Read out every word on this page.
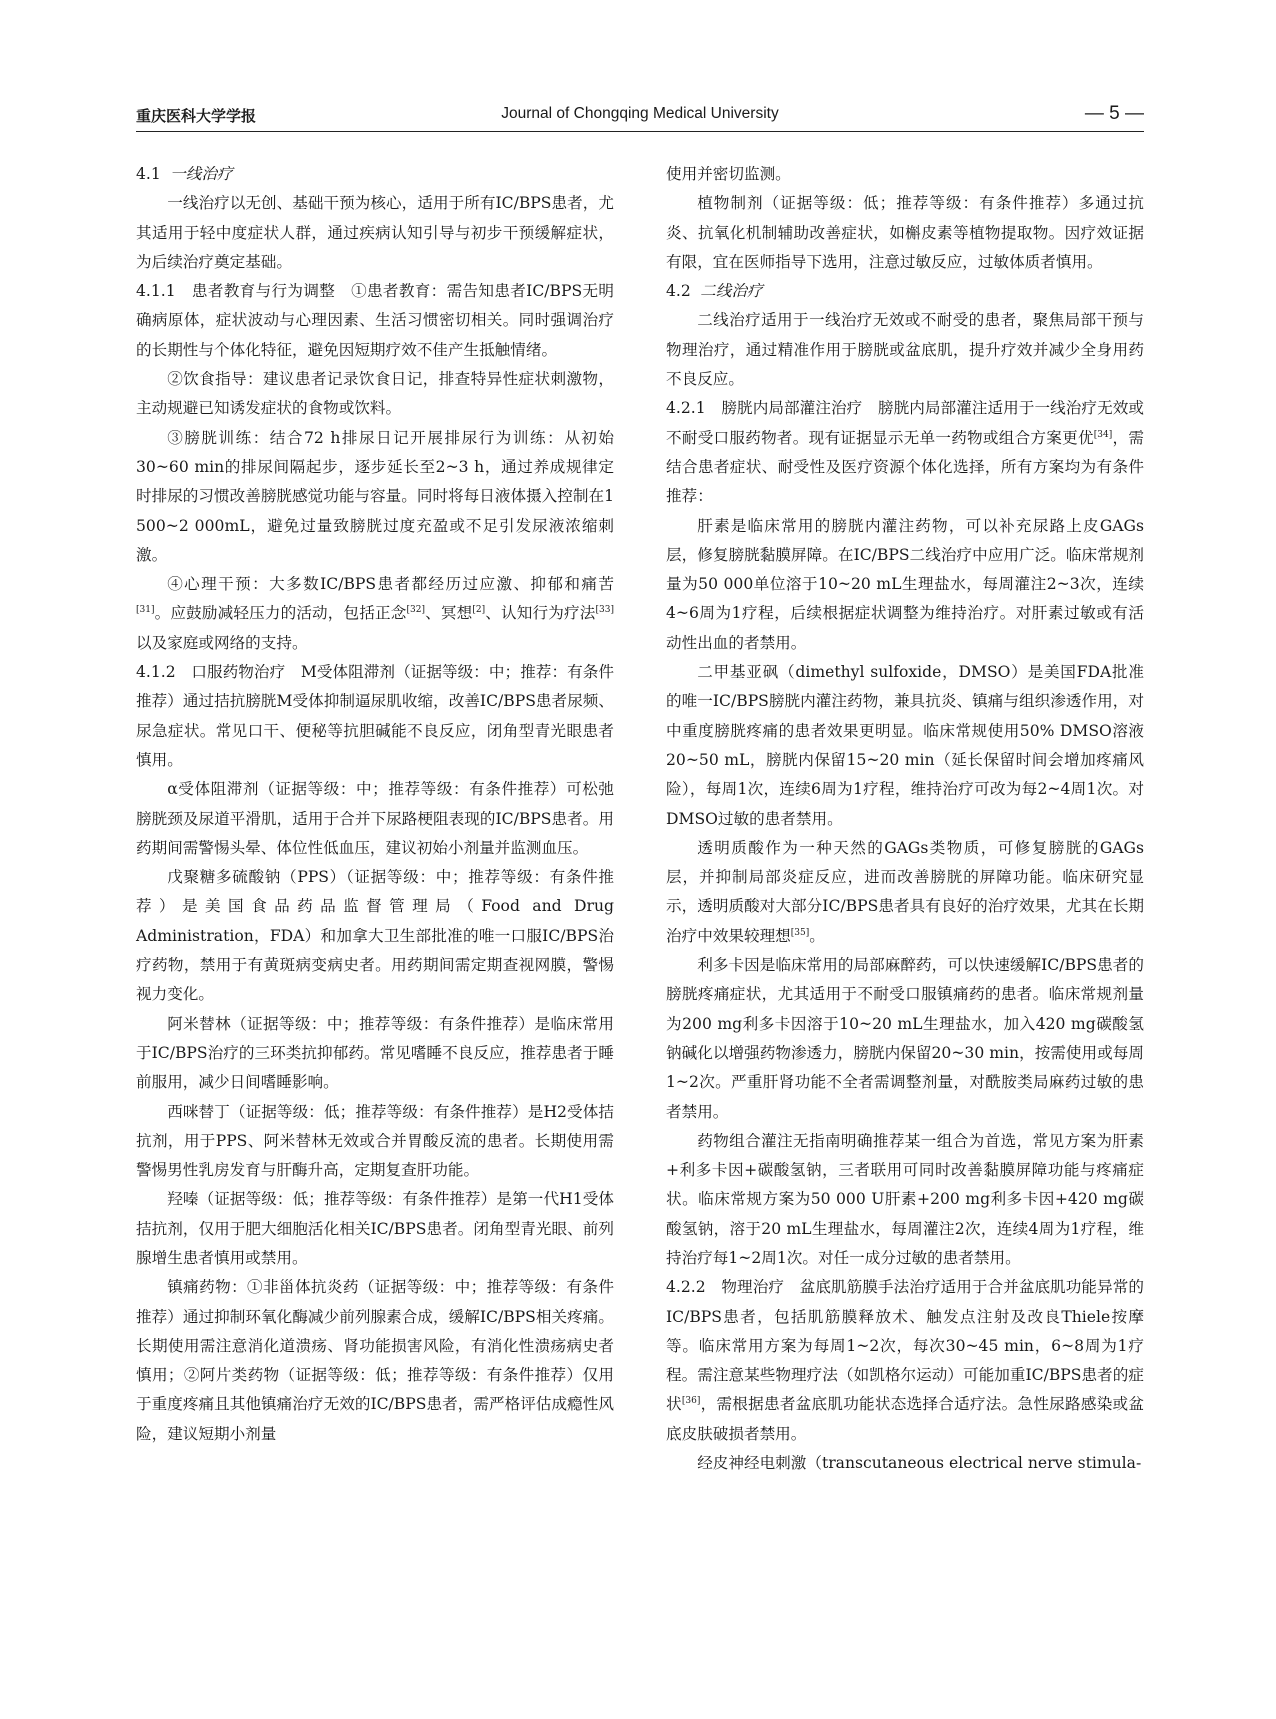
重庆医科大学学报	Journal of Chongqing Medical University	— 5 —

4.1 一线治疗

一线治疗以无创、基础干预为核心，适用于所有IC/BPS患者，尤其适用于轻中度症状人群，通过疾病认知引导与初步干预缓解症状，为后续治疗奠定基础。

4.1.1　患者教育与行为调整　①患者教育：需告知患者IC/BPS无明确病原体，症状波动与心理因素、生活习惯密切相关。同时强调治疗的长期性与个体化特征，避免因短期疗效不佳产生抵触情绪。

②饮食指导：建议患者记录饮食日记，排查特异性症状刺激物，主动规避已知诱发症状的食物或饮料。

③膀胱训练：结合72 h排尿日记开展排尿行为训练：从初始30~60 min的排尿间隔起步，逐步延长至2~3 h，通过养成规律定时排尿的习惯改善膀胱感觉功能与容量。同时将每日液体摄入控制在1 500~2 000mL，避免过量致膀胱过度充盈或不足引发尿液浓缩刺激。

④心理干预：大多数IC/BPS患者都经历过应激、抑郁和痛苦[31]。应鼓励减轻压力的活动，包括正念[32]、冥想[2]、认知行为疗法[33]以及家庭或网络的支持。

4.1.2　口服药物治疗　M受体阻滞剂（证据等级：中；推荐：有条件推荐）通过拮抗膀胱M受体抑制逼尿肌收缩，改善IC/BPS患者尿频、尿急症状。常见口干、便秘等抗胆碱能不良反应，闭角型青光眼患者慎用。

α受体阻滞剂（证据等级：中；推荐等级：有条件推荐）可松弛膀胱颈及尿道平滑肌，适用于合并下尿路梗阻表现的IC/BPS患者。用药期间需警惕头晕、体位性低血压，建议初始小剂量并监测血压。

戊聚糖多硫酸钠（PPS）（证据等级：中；推荐等级：有条件推荐）是美国食品药品监督管理局（Food and Drug Administration，FDA）和加拿大卫生部批准的唯一口服IC/BPS治疗药物，禁用于有黄斑病变病史者。用药期间需定期查视网膜，警惕视力变化。

阿米替林（证据等级：中；推荐等级：有条件推荐）是临床常用于IC/BPS治疗的三环类抗抑郁药。常见嗜睡不良反应，推荐患者于睡前服用，减少日间嗜睡影响。

西咪替丁（证据等级：低；推荐等级：有条件推荐）是H2受体拮抗剂，用于PPS、阿米替林无效或合并胃酸反流的患者。长期使用需警惕男性乳房发育与肝酶升高，定期复查肝功能。

羟嗪（证据等级：低；推荐等级：有条件推荐）是第一代H1受体拮抗剂，仅用于肥大细胞活化相关IC/BPS患者。闭角型青光眼、前列腺增生患者慎用或禁用。

镇痛药物：①非甾体抗炎药（证据等级：中；推荐等级：有条件推荐）通过抑制环氧化酶减少前列腺素合成，缓解IC/BPS相关疼痛。长期使用需注意消化道溃疡、肾功能损害风险，有消化性溃疡病史者慎用；②阿片类药物（证据等级：低；推荐等级：有条件推荐）仅用于重度疼痛且其他镇痛治疗无效的IC/BPS患者，需严格评估成瘾性风险，建议短期小剂量

使用并密切监测。

植物制剂（证据等级：低；推荐等级：有条件推荐）多通过抗炎、抗氧化机制辅助改善症状，如槲皮素等植物提取物。因疗效证据有限，宜在医师指导下选用，注意过敏反应，过敏体质者慎用。

4.2 二线治疗

二线治疗适用于一线治疗无效或不耐受的患者，聚焦局部干预与物理治疗，通过精准作用于膀胱或盆底肌，提升疗效并减少全身用药不良反应。

4.2.1　膀胱内局部灌注治疗　膀胱内局部灌注适用于一线治疗无效或不耐受口服药物者。现有证据显示无单一药物或组合方案更优[34]，需结合患者症状、耐受性及医疗资源个体化选择，所有方案均为有条件推荐：

肝素是临床常用的膀胱内灌注药物，可以补充尿路上皮GAGs层，修复膀胱黏膜屏障。在IC/BPS二线治疗中应用广泛。临床常规剂量为50 000单位溶于10~20 mL生理盐水，每周灌注2~3次，连续4~6周为1疗程，后续根据症状调整为维持治疗。对肝素过敏或有活动性出血的者禁用。

二甲基亚砜（dimethyl sulfoxide，DMSO）是美国FDA批准的唯一IC/BPS膀胱内灌注药物，兼具抗炎、镇痛与组织渗透作用，对中重度膀胱疼痛的患者效果更明显。临床常规使用50% DMSO溶液 20~50 mL，膀胱内保留15~20 min（延长保留时间会增加疼痛风险），每周1次，连续6周为1疗程，维持治疗可改为每2~4周1次。对DMSO过敏的患者禁用。

透明质酸作为一种天然的GAGs类物质，可修复膀胱的GAGs层，并抑制局部炎症反应，进而改善膀胱的屏障功能。临床研究显示，透明质酸对大部分IC/BPS患者具有良好的治疗效果，尤其在长期治疗中效果较理想[35]。

利多卡因是临床常用的局部麻醉药，可以快速缓解IC/BPS患者的膀胱疼痛症状，尤其适用于不耐受口服镇痛药的患者。临床常规剂量为200 mg利多卡因溶于10~20 mL生理盐水，加入420 mg碳酸氢钠碱化以增强药物渗透力，膀胱内保留20~30 min，按需使用或每周1~2次。严重肝肾功能不全者需调整剂量，对酰胺类局麻药过敏的患者禁用。

药物组合灌注无指南明确推荐某一组合为首选，常见方案为肝素+利多卡因+碳酸氢钠，三者联用可同时改善黏膜屏障功能与疼痛症状。临床常规方案为50 000 U肝素+200 mg利多卡因+420 mg碳酸氢钠，溶于20 mL生理盐水，每周灌注2次，连续4周为1疗程，维持治疗每1~2周1次。对任一成分过敏的患者禁用。

4.2.2　物理治疗　盆底肌筋膜手法治疗适用于合并盆底肌功能异常的IC/BPS患者，包括肌筋膜释放术、触发点注射及改良Thiele按摩等。临床常用方案为每周1~2次，每次30~45 min，6~8周为1疗程。需注意某些物理疗法（如凯格尔运动）可能加重IC/BPS患者的症状[36]，需根据患者盆底肌功能状态选择合适疗法。急性尿路感染或盆底皮肤破损者禁用。

经皮神经电刺激（transcutaneous electrical nerve stimula-
